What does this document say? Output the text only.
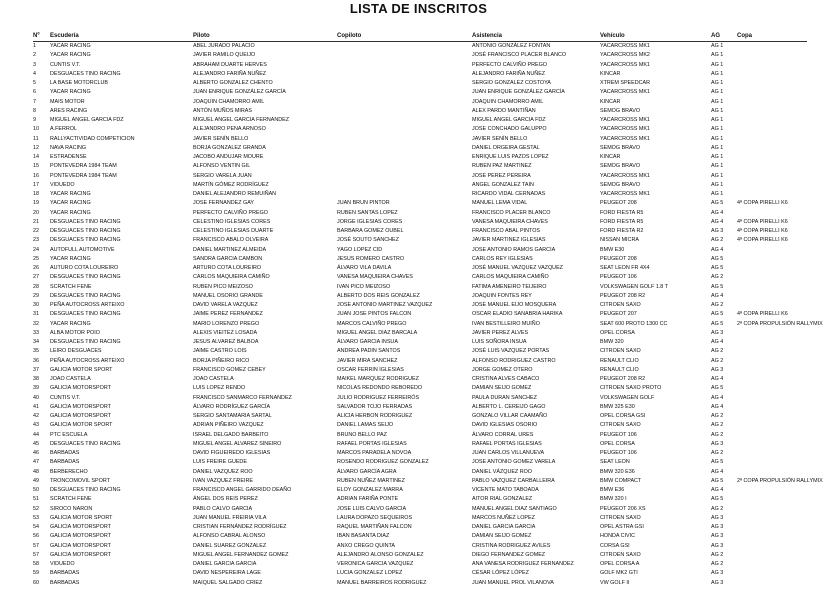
LISTA DE INSCRITOS
Nº	Escudería	Piloto	Copiloto	Asistencia	Vehículo	AG	Copa
1	YACAR RACING	ABEL JURADO PALACIO		ANTONIO GONZÁLEZ FONTAN	YACARCROSS MK1	AG 1	
2	YACAR RACING	JAVIER RAMILO QUEIJO		JOSÉ FRANCISCO PLACER BLANCO	YACARCROSS MK2	AG 1	
3	CUNTIS V.T.	ABRAHAM DUARTE HERVES		PERFECTO CALVIÑO PREGO	YACARCROSS MK1	AG 1	
4	DESGUACES TINO RACING	ALEJANDRO FARIÑA NUÑEZ		ALEJANDRO FARIÑA NUÑEZ	KINCAR	AG 1	
5	LA BASE MOTORCLUB	ALBERTO GONZALEZ CHENTO		SERGIO GONZALEZ COSTOYA	XTREM SPEEDCAR	AG 1	
6	YACAR RACING	JUAN ENRIQUE GONZÁLEZ GARCÍA		JUAN ENRIQUE GONZÁLEZ GARCÍA	YACARCROSS MK1	AG 1	
7	MAIS MOTOR	JOAQUIN CHAMORRO AMIL		JOAQUIN CHAMORRO AMIL	KINCAR	AG 1	
8	ARES RACING	ANTÓN MUÑOS MIRAS		ALEX PARDO MANTIÑAN	SEMOG BRAVO	AG 1	
9	MIGUEL ANGEL GARCIA FDZ	MIGUEL ANGEL GARCIA FERNANDEZ		MIGUEL ANGEL GARCIA FDZ	YACARCROSS MK1	AG 1	
10	A.FERROL	ALEJANDRO PENA ARNOSO		JOSE CONCHADO GALUPPO	YACARCROSS MK1	AG 1	
11	RALLYACTIVIDAD COMPETICION	JAVIER SENÍN BELLO		JAVIER SENÍN BELLO	YACARCROSS MK1	AG 1	
12	NAVA RACING	BORJA GONZALEZ GRANDA		DANIEL ORGEIRA GESTAL	SEMOG BRAVO	AG 1	
14	ESTRADENSE	JACOBO ANDUJAR MOURE		ENRIQUE LUIS PAZOS LOPEZ	KINCAR	AG 1	
15	PONTEVEDRA 1984 TEAM	ALFONSO VENTIN GIL		RUBEN PAZ MARTINEZ	SEMOG BRAVO	AG 1	
16	PONTEVEDRA 1984 TEAM	SERGIO VARELA JUAN		JOSE PEREZ PEREIRA	YACARCROSS MK1	AG 1	
17	VIDUEDO	MARTÍN GÓMEZ RODRÍGUEZ		ANGEL GONZALEZ TAIN	SEMOG BRAVO	AG 1	
18	YACAR RACING	DANIEL ALEJANDRO REMUIÑAN		RICARDO VIDAL CERNADAS	YACARCROSS MK1	AG 1	
19	YACAR RACING	JOSE FERNANDEZ GAY	JUAN BRUN PINTOR	MANUEL LEMA VIDAL	PEUGEOT 208	AG 5	4ª COPA PIRELLI K6
20	YACAR RACING	PERFECTO CALVIÑO PREGO	RUBEN SANTAS LOPEZ	FRANCISCO PLACER BLANCO	FORD FIESTA R5	AG 4	
21	DESGUACES TINO RACING	CELESTINO IGLESIAS CORES	JORGE IGLESIAS CORES	VANESA MAQUIEIRA CHAVES	FORD FIESTA R5	AG 4	4ª COPA PIRELLI K6
22	DESGUACES TINO RACING	CELESTINO IGLESIAS DUARTE	BARBARA GOMEZ OUBEL	FRANCISCO ABAL PINTOS	FORD FIESTA R2	AG 3	4ª COPA PIRELLI K6
23	DESGUACES TINO RACING	FRANCISCO ABALO OLVEIRA	JOSÉ SOUTO SANCHEZ	JAVIER MARTINEZ IGLESIAS	NISSAN MICRA	AG 2	4ª COPA PIRELLI K6
24	AUTOFULL AUTOMOTIVE	DANIEL MARTINEZ ALMEIDA	YAGO LOPEZ CID	JOSE ANTONIO RAMOS GARCIA	BMW E30	AG 4	
25	YACAR RACING	SANDRA GARCIA CAMBON	JESUS ROMERO CASTRO	CARLOS REY IGLESIAS	PEUGEOT 208	AG 5	
26	AUTURO COTA LOUREIRO	ARTURO COTA LOUREIRO	ÁLVARO VILA DAVILA	JOSÉ MANUEL VAZQUEZ VAZQUEZ	SEAT LEON FR 4X4	AG 5	
27	DESGUACES TINO RACING	CARLOS MAQUIEIRA CAMIÑO	VANESA MAQUIEIRA CHAVES	CARLOS MAQUIEIRA CAMIÑO	PEUGEOT 106	AG 2	
28	SCRATCH FENE	RUBEN PICO MEIZOSO	IVAN PICO MEIZOSO	FATIMA AMENEIRO TEIJEIRO	VOLKSWAGEN GOLF 1.8 T	AG 5	
29	DESGUACES TINO RACING	MANUEL OSORIO GRANDE	ALBERTO DOS REIS GONZALEZ	JOAQUIN FONTES REY	PEUGEOT 208 R2	AG 4	
30	PEÑA AUTOCROSS ARTEIXO	DAVID VARELA VAZQUEZ	JOSE ANTONIO MARTINEZ VAZQUEZ	JOSE MANUEL EIJO MOSQUERA	CITROEN SAXO	AG 2	
31	DESGUACES TINO RACING	JAIME PEREZ FERNANDEZ	JUAN JOSE PINTOS FALCON	OSCAR ELADIO SANABRIA HARIKA	PEUGEOT 207	AG 5	4ª COPA PIRELLI K6
32	YACAR RACING	MARIO LORENZO PREGO	MARCOS CALVIÑO PREGO	IVAN BESTILLEIRO MUIÑO	SEAT 600 PROTO 1300 CC	AG 5	2ª COPA PROPULSIÓN RALLYMIX
33	ALBA MOTOR POIO	ALEXIS VIEITEZ LOSADA	MIGUEL ANGEL DIAZ BARCALA	JAVIER PEREZ ALVES	OPEL CORSA	AG 3	
34	DESGUACES TINO RACING	JESUS ALVAREZ BALBOA	ÁLVARO GARCIA INSUA	LUIS SOÑORA INSUA	BMW 320	AG 4	
35	LEIRO DESGUACES	JAIME CASTRO LOIS	ANDREA PADIN SANTOS	JOSÉ LUIS VAZQUEZ PORTAS	CITROEN SAXO	AG 2	
36	PEÑA AUTOCROSS ARTEIXO	BORJA PIÑEIRO RICO	JAVIER MIRA SANCHEZ	ALFONSO RODRIGUEZ CASTRO	RENAULT CLIO	AG 2	
37	GALICIA MOTOR SPORT	FRANCISCO GOMEZ CEBEY	OSCAR FERRIN IGLESIAS	JORGE GOMEZ OTERO	RENAULT CLIO	AG 3	
38	JOAO CASTELA	JOAO CASTELA	MAIKEL MARQUEZ RODRIGUEZ	CRISTINA ALVES CABACO	PEUGEOT 208 R2	AG 4	
39	GALICIA MOTORSPORT	LUIS LOPEZ RENDO	NICOLAS REDONDO REBOREDO	DAMIAN SEIJO GOMEZ	CITROEN SAXO PROTO	AG 5	
40	CUNTIS V.T.	FRANCISCO SANMARCO FERNANDEZ	JULIO RODRIGUEZ FERREIRÓS	PAULA DURAN SANCHEZ	VOLKSWAGEN GOLF	AG 4	
41	GALICIA MOTORSPORT	ÁLVARO RODRÍGUEZ GARCÍA	SALVADOR TOJO FERRADAS	ALBERTO L. CEREIJO GAGO	BMW 325 E30	AG 4	
42	GALICIA MOTORSPORT	SERGIO SANTAMARIA SARTAL	ALICIA HERBON RODRIGUEZ	GONZALO VILLAR CAAMAÑO	OPEL CORSA GSI	AG 2	
43	GALICIA MOTOR SPORT	ADRIAN PIÑEIRO VAZQUEZ	DANIEL LAMAS SEIJO	DAVID IGLESIAS OSORIO	CITROEN SAXO	AG 2	
44	PTC ESCUELA	ISRAEL DELGADO BARBEITO	BRUNO BELLO PAZ	ÁLVARO CORRAL URES	PEUGEOT 106	AG 2	
45	DESGUACES TINO RACING	MIGUEL ANGEL ALVAREZ SINEIRO	RAFAEL PORTAS IGLESIAS	RAFAEL PORTAS IGLESIAS	OPEL CORSA	AG 3	
46	BARBADAS	DAVID FIGUEIREDO IGLESIAS	MARCOS PARADELA NOVOA	JUAN CARLOS VILLANUEVA	PEUGEOT 106	AG 2	
47	BARBADAS	LUIS FREIRE GUEDE	ROSENDO RODRIGUEZ GONZALEZ	JOSE ANTONIO GOMEZ VARELA	SEAT LEON	AG 5	
48	BERBERECHO	DANIEL VAZQUEZ ROO	ÁLVARO GARCÍA AGRA	DANIEL VÁZQUEZ ROO	BMW 320 E36	AG 4	
49	TRONCOMOVIL SPORT	IVAN VAZQUEZ FREIRE	RUBEN NUÑEZ MARTINEZ	PABLO VAZQUEZ CARBALLEIRA	BMW COMPACT	AG 5	2ª COPA PROPULSIÓN RALLYMIX
50	DESGUACES TINO RACING	FRANCISCO ANGEL GARRIDO DEAÑO	ELOY GONZALEZ MARRA	VICENTE MATO TABOADA	BMW E36	AG 4	
51	SCRATCH FENE	ÁNGEL DOS REIS PEREZ	ADRIAN FARIÑA PONTE	AITOR RIAL GONZALEZ	BMW 320 I	AG 5	
52	SIROCO NARON	PABLO CALVO GARCIA	JOSE LUIS CALVO GARCIA	MANUEL ANGEL DIAZ SANTIAGO	PEUGEOT 206 XS	AG 2	
53	GALICIA MOTOR SPORT	JUAN MANUEL FREIRIA VILA	LAURA DOPAZO SEQUEIROS	MARCOS NUÑEZ LOPEZ	CITROEN SAXO	AG 3	
54	GALICIA MOTORSPORT	CRISTIAN FERNÁNDEZ RODRÍGUEZ	RAQUEL MARTIÑAN FALCON	DANIEL GARCIA GARCIA	OPEL ASTRA GSI	AG 3	
56	GALICIA MOTORSPORT	ALFONSO CABRAL ALONSO	IBAN BASANTA DIAZ	DAMIAN SEIJO GOMEZ	HONDA CIVIC	AG 3	
57	GALICIA MOTORSPORT	DANIEL SUAREZ GONZALEZ	ANXO CREGO QUINTA	CRISTINA RODRIGUEZ AVILES	CORSA GSI	AG 3	
57	GALICIA MOTORSPORT	MIGUEL ANGEL FERNANDEZ GOMEZ	ALEJANDRO ALONSO GONZALEZ	DIEGO FERNANDEZ GOMEZ	CITROEN SAXO	AG 2	
58	VIDUEDO	DANIEL GARCIA GARCIA	VERONICA GARCIA VAZQUEZ	ANA VANESA RODRIGUEZ FERNANDEZ	OPEL CORSA A	AG 2	
59	BARBADAS	DAVID NESPEREIRA LAGE	LUCIA GONZALEZ LOPEZ	CÉSAR LÓPEZ LÓPEZ	GOLF MK2 GTI	AG 3	
60	BARBADAS	MAIQUEL SALGADO CRIEZ	MANUEL BARREIROS RODRIGUEZ	JUAN MANUEL PROL VILANOVA	VW GOLF II	AG 3	
